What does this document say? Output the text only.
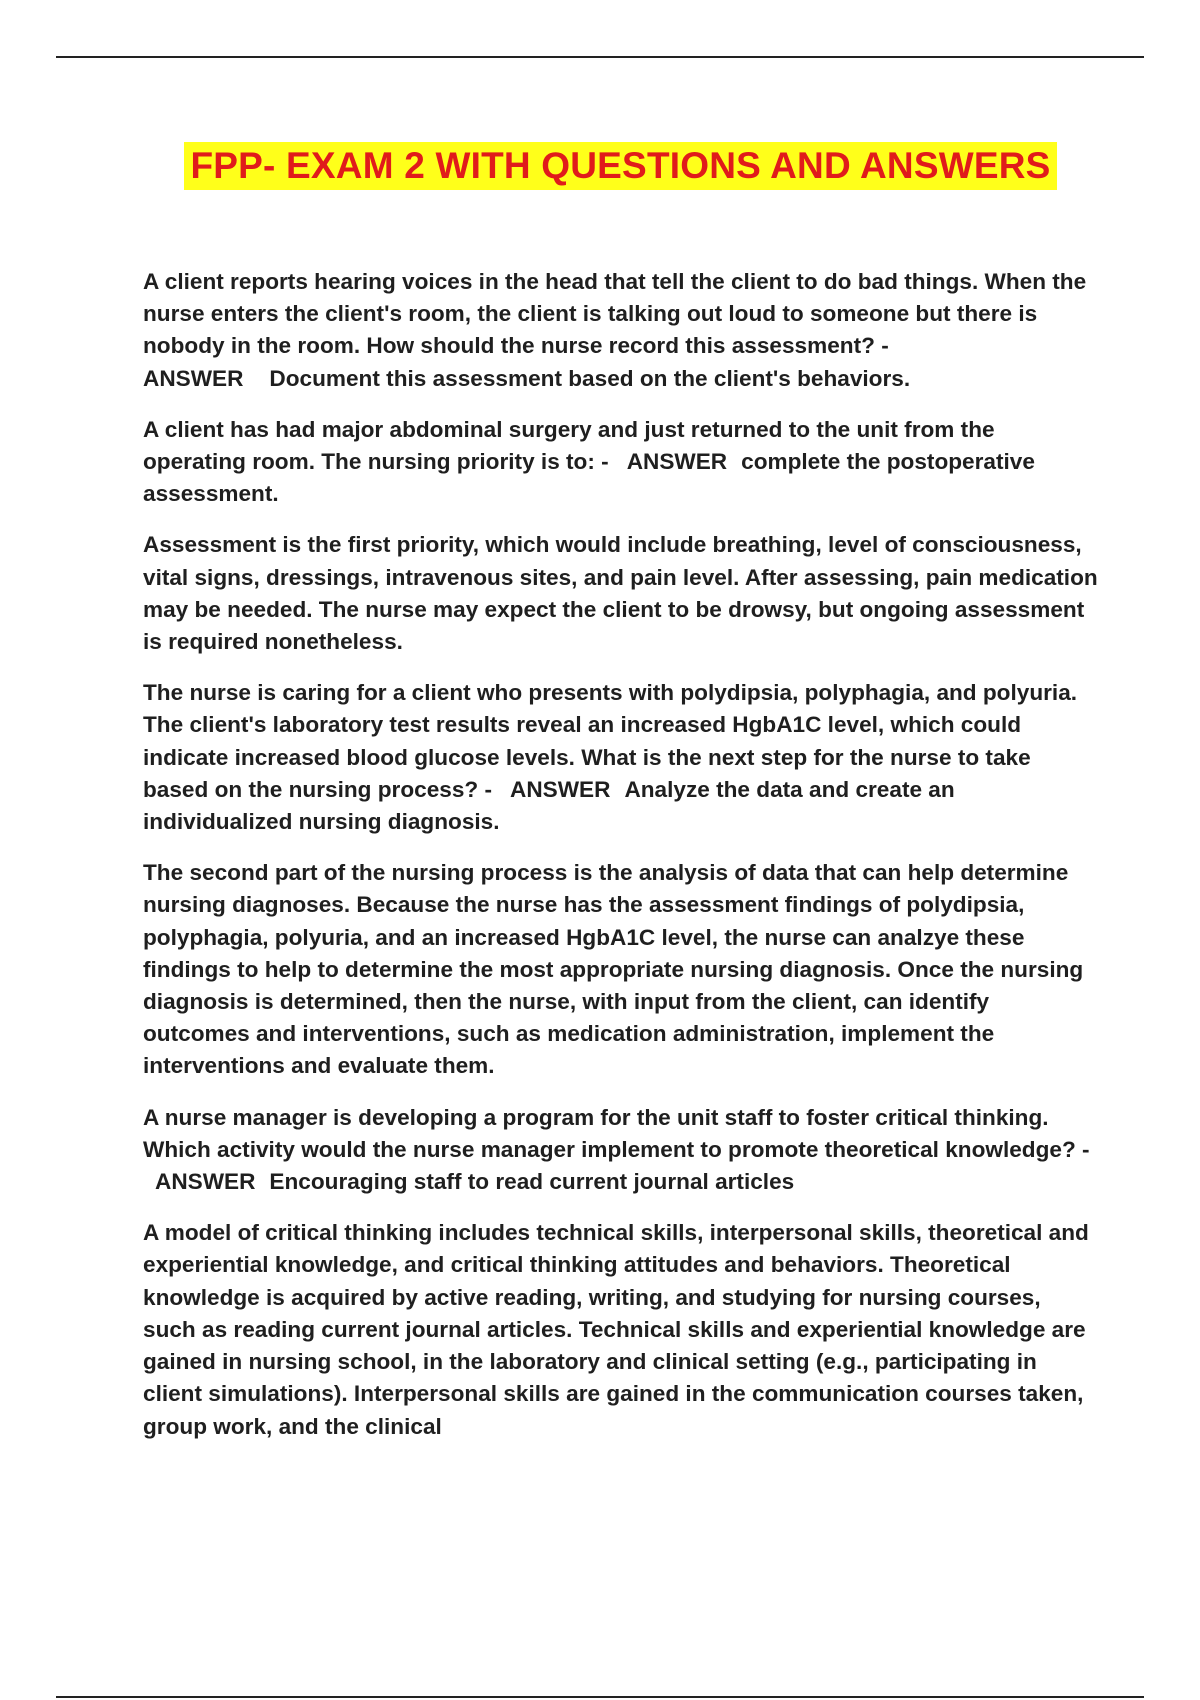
FPP- EXAM 2 WITH QUESTIONS AND ANSWERS

A client reports hearing voices in the head that tell the client to do bad things. When the nurse enters the client's room, the client is talking out loud to someone but there is nobody in the room. How should the nurse record this assessment? -
ANSWER Document this assessment based on the client's behaviors.

A client has had major abdominal surgery and just returned to the unit from the operating room. The nursing priority is to: - ANSWER complete the postoperative assessment.

Assessment is the first priority, which would include breathing, level of consciousness, vital signs, dressings, intravenous sites, and pain level. After assessing, pain medication may be needed. The nurse may expect the client to be drowsy, but ongoing assessment is required nonetheless.

The nurse is caring for a client who presents with polydipsia, polyphagia, and polyuria. The client's laboratory test results reveal an increased HgbA1C level, which could indicate increased blood glucose levels. What is the next step for the nurse to take based on the nursing process? - ANSWER Analyze the data and create an individualized nursing diagnosis.

The second part of the nursing process is the analysis of data that can help determine nursing diagnoses. Because the nurse has the assessment findings of polydipsia, polyphagia, polyuria, and an increased HgbA1C level, the nurse can analzye these findings to help to determine the most appropriate nursing diagnosis. Once the nursing diagnosis is determined, then the nurse, with input from the client, can identify outcomes and interventions, such as medication administration, implement the interventions and evaluate them.

A nurse manager is developing a program for the unit staff to foster critical thinking. Which activity would the nurse manager implement to promote theoretical knowledge? -ANSWER Encouraging staff to read current journal articles

A model of critical thinking includes technical skills, interpersonal skills, theoretical and experiential knowledge, and critical thinking attitudes and behaviors. Theoretical knowledge is acquired by active reading, writing, and studying for nursing courses, such as reading current journal articles. Technical skills and experiential knowledge are gained in nursing school, in the laboratory and clinical setting (e.g., participating in client simulations). Interpersonal skills are gained in the communication courses taken, group work, and the clinical
